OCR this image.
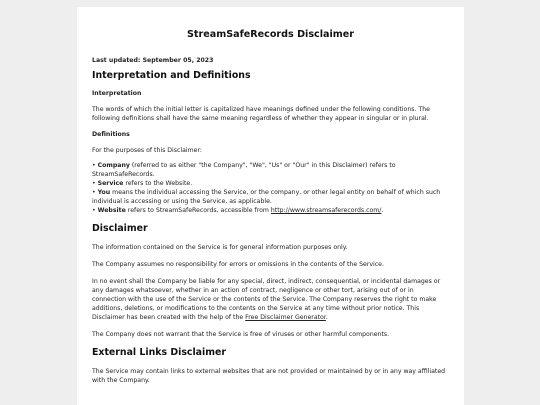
StreamSafeRecords Disclaimer
Last updated: September 05, 2023
Interpretation and Definitions
Interpretation

The words of which the initial letter is capitalized have meanings defined under the following conditions. The following definitions shall have the same meaning regardless of whether they appear in singular or in plural.

Definitions

For the purposes of this Disclaimer:

• Company (referred to as either "the Company", "We", "Us" or "Our" in this Disclaimer) refers to StreamSafeRecords.

• Service refers to the Website.

• You means the individual accessing the Service, or the company, or other legal entity on behalf of which such individual is accessing or using the Service, as applicable.

• Website refers to StreamSafeRecords, accessible from http://www.streamsaferecords.com/.

Disclaimer

The information contained on the Service is for general information purposes only.

The Company assumes no responsibility for errors or omissions in the contents of the Service.

In no event shall the Company be liable for any special, direct, indirect, consequential, or incidental damages or any damages whatsoever, whether in an action of contract, negligence or other tort, arising out of or in connection with the use of the Service or the contents of the Service. The Company reserves the right to make additions, deletions, or modifications to the contents on the Service at any time without prior notice. This Disclaimer has been created with the help of the Free Disclaimer Generator.

The Company does not warrant that the Service is free of viruses or other harmful components.

External Links Disclaimer

The Service may contain links to external websites that are not provided or maintained by or in any way affiliated with the Company.
